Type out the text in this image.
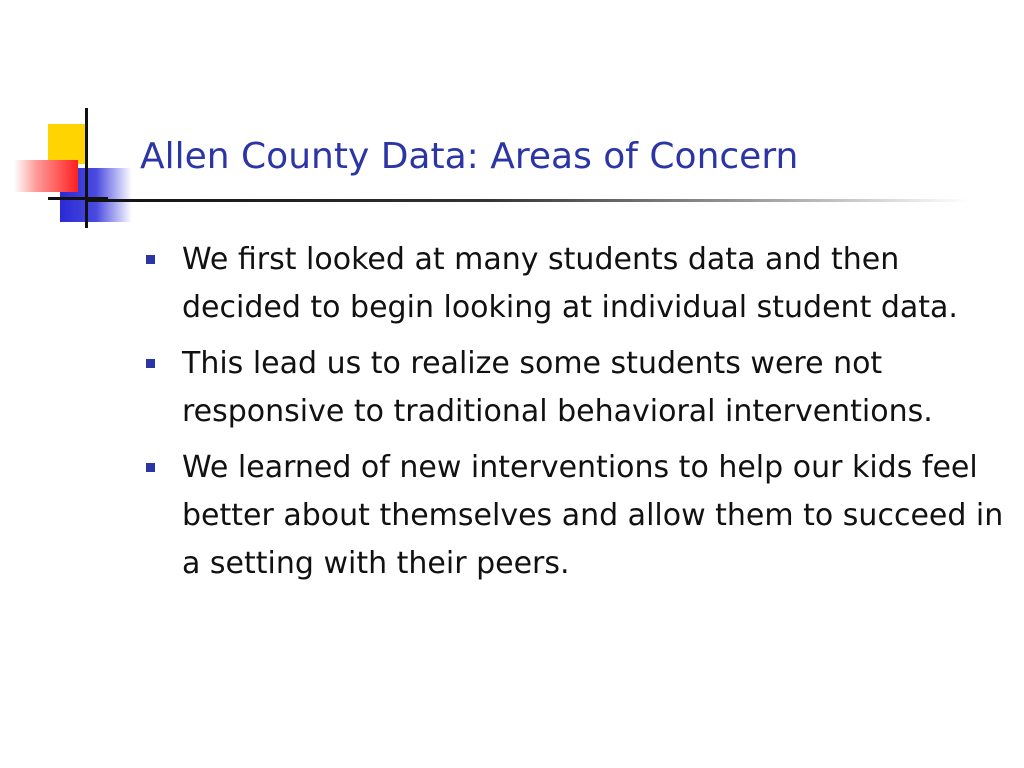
Allen County Data: Areas of Concern
We first looked at many students data and then decided to begin looking at individual student data.
This lead us to realize some students were not responsive to traditional behavioral interventions.
We learned of new interventions to help our kids feel better about themselves and allow them to succeed in a setting with their peers.
